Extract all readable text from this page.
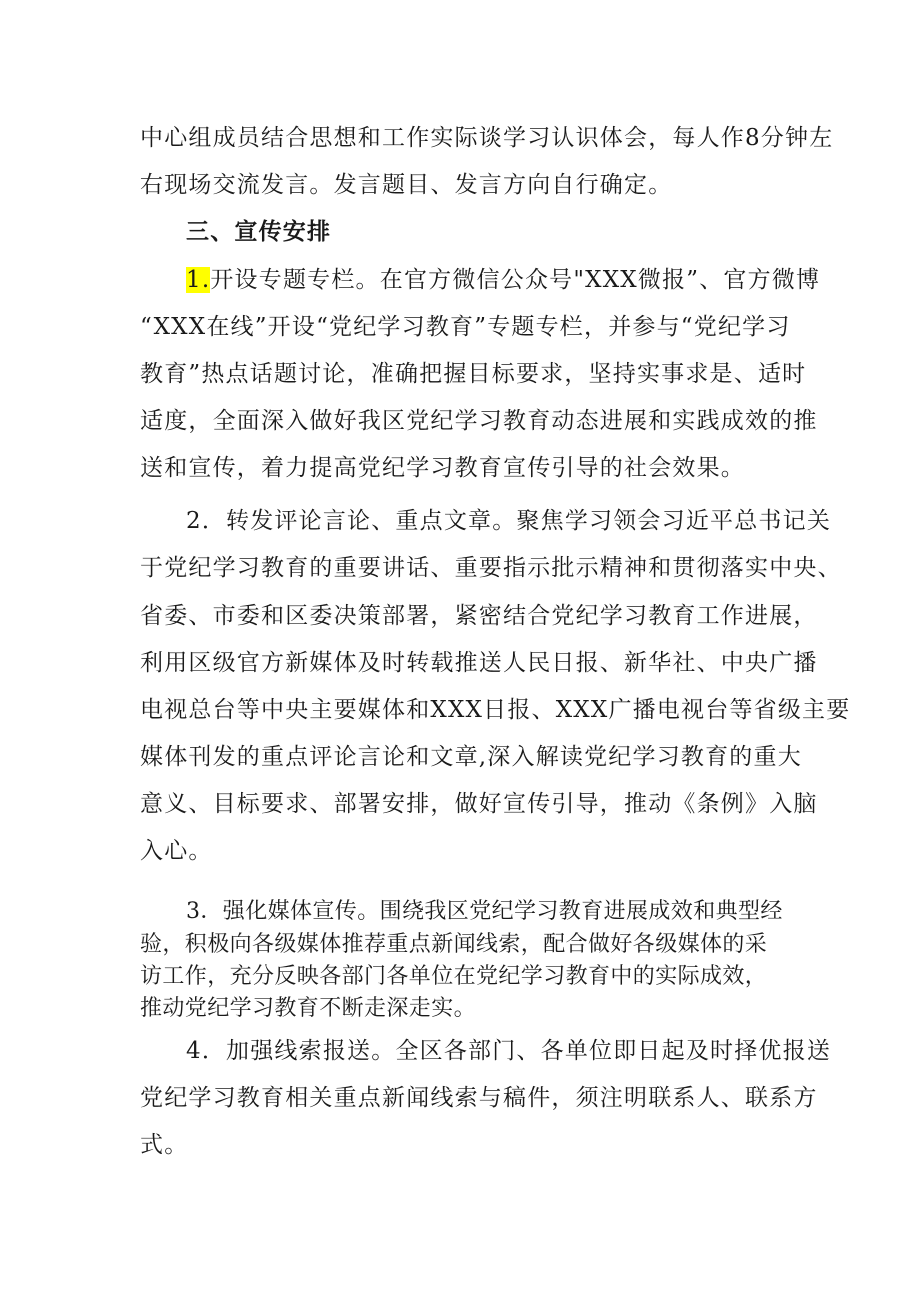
中心组成员结合思想和工作实际谈学习认识体会，每人作8分钟左
右现场交流发言。发言题目、发言方向自行确定。
三、宣传安排
1.开设专题专栏。在官方微信公众号"XXX微报”、官方微博
“XXX在线”开设“党纪学习教育”专题专栏，并参与“党纪学习
教育”热点话题讨论，准确把握目标要求，坚持实事求是、适时
适度，全面深入做好我区党纪学习教育动态进展和实践成效的推
送和宣传，着力提高党纪学习教育宣传引导的社会效果。
2．转发评论言论、重点文章。聚焦学习领会习近平总书记关
于党纪学习教育的重要讲话、重要指示批示精神和贯彻落实中央、
省委、市委和区委决策部署，紧密结合党纪学习教育工作进展，
利用区级官方新媒体及时转载推送人民日报、新华社、中央广播
电视总台等中央主要媒体和XXX日报、XXX广播电视台等省级主要
媒体刊发的重点评论言论和文章,深入解读党纪学习教育的重大
意义、目标要求、部署安排，做好宣传引导，推动《条例》入脑
入心。
3．强化媒体宣传。围绕我区党纪学习教育进展成效和典型经
验，积极向各级媒体推荐重点新闻线索，配合做好各级媒体的采
访工作，充分反映各部门各单位在党纪学习教育中的实际成效，
推动党纪学习教育不断走深走实。
4．加强线索报送。全区各部门、各单位即日起及时择优报送
党纪学习教育相关重点新闻线索与稿件，须注明联系人、联系方
式。
